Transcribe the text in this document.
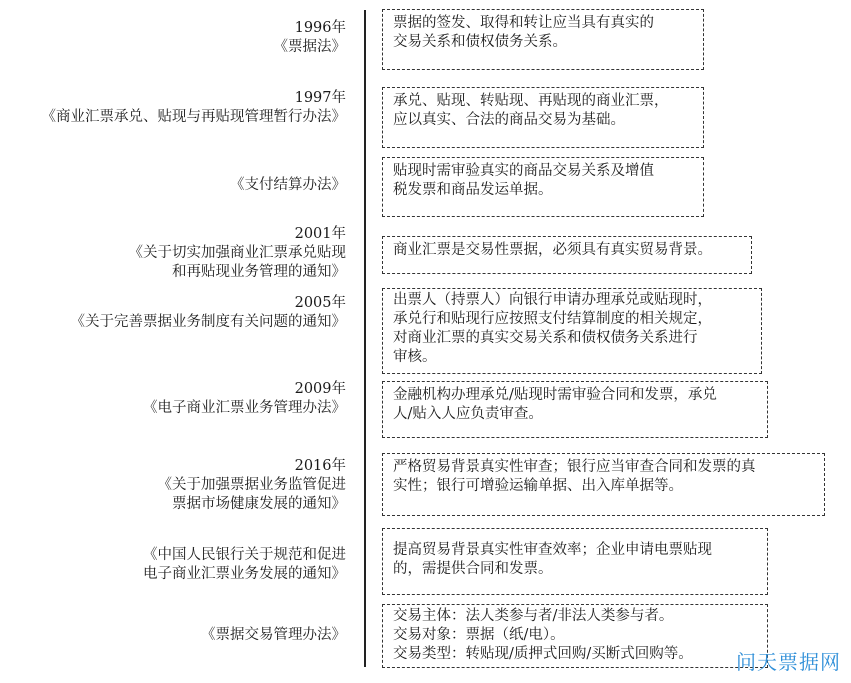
1996年
《票据法》
票据的签发、取得和转让应当具有真实的
交易关系和债权债务关系。
1997年
《商业汇票承兑、贴现与再贴现管理暂行办法》
承兑、贴现、转贴现、再贴现的商业汇票，
应以真实、合法的商品交易为基础。
《支付结算办法》
贴现时需审验真实的商品交易关系及增值
税发票和商品发运单据。
2001年
《关于切实加强商业汇票承兑贴现
和再贴现业务管理的通知》
商业汇票是交易性票据，必须具有真实贸易背景。
2005年
《关于完善票据业务制度有关问题的通知》
出票人（持票人）向银行申请办理承兑或贴现时，
承兑行和贴现行应按照支付结算制度的相关规定，
对商业汇票的真实交易关系和债权债务关系进行
审核。
2009年
《电子商业汇票业务管理办法》
金融机构办理承兑/贴现时需审验合同和发票，承兑
人/贴入人应负责审查。
2016年
《关于加强票据业务监管促进
票据市场健康发展的通知》
严格贸易背景真实性审查；银行应当审查合同和发票的真
实性；银行可增验运输单据、出入库单据等。
《中国人民银行关于规范和促进
电子商业汇票业务发展的通知》
提高贸易背景真实性审查效率；企业申请电票贴现
的，需提供合同和发票。
《票据交易管理办法》
交易主体：法人类参与者/非法人类参与者。
交易对象：票据（纸/电）。
交易类型：转贴现/质押式回购/买断式回购等。	问天票据网
